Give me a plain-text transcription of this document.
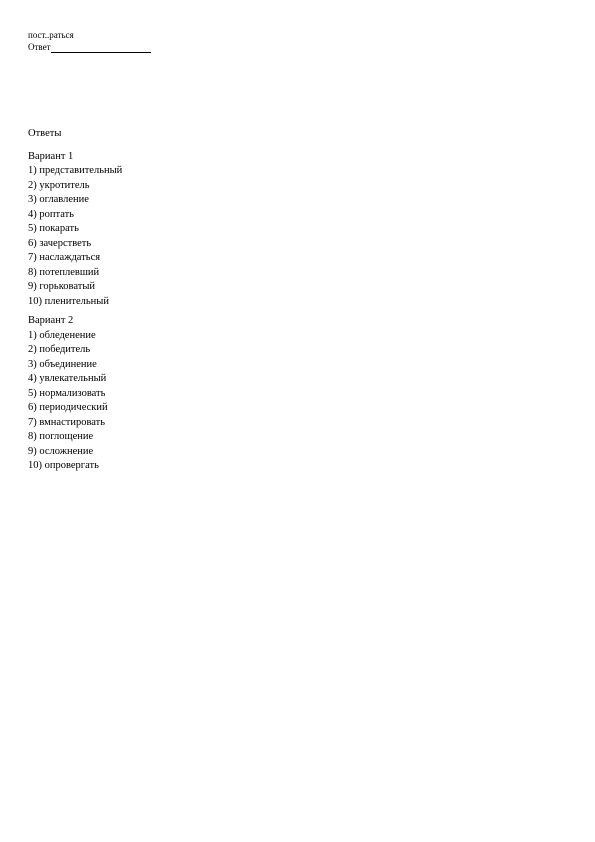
пост..раться
Ответ
Ответы
Вариант 1
1) представительный
2) укротитель
3) оглавление
4) роптать
5) покарать
6) зачерстветь
7) наслаждаться
8) потеплевший
9) горьковатый
10) пленительный
Вариант 2
1) обледенение
2) победитель
3) объединение
4) увлекательный
5) нормализовать
6) периодический
7) вмнастировать
8) поглощение
9) осложнение
10) опровергать
